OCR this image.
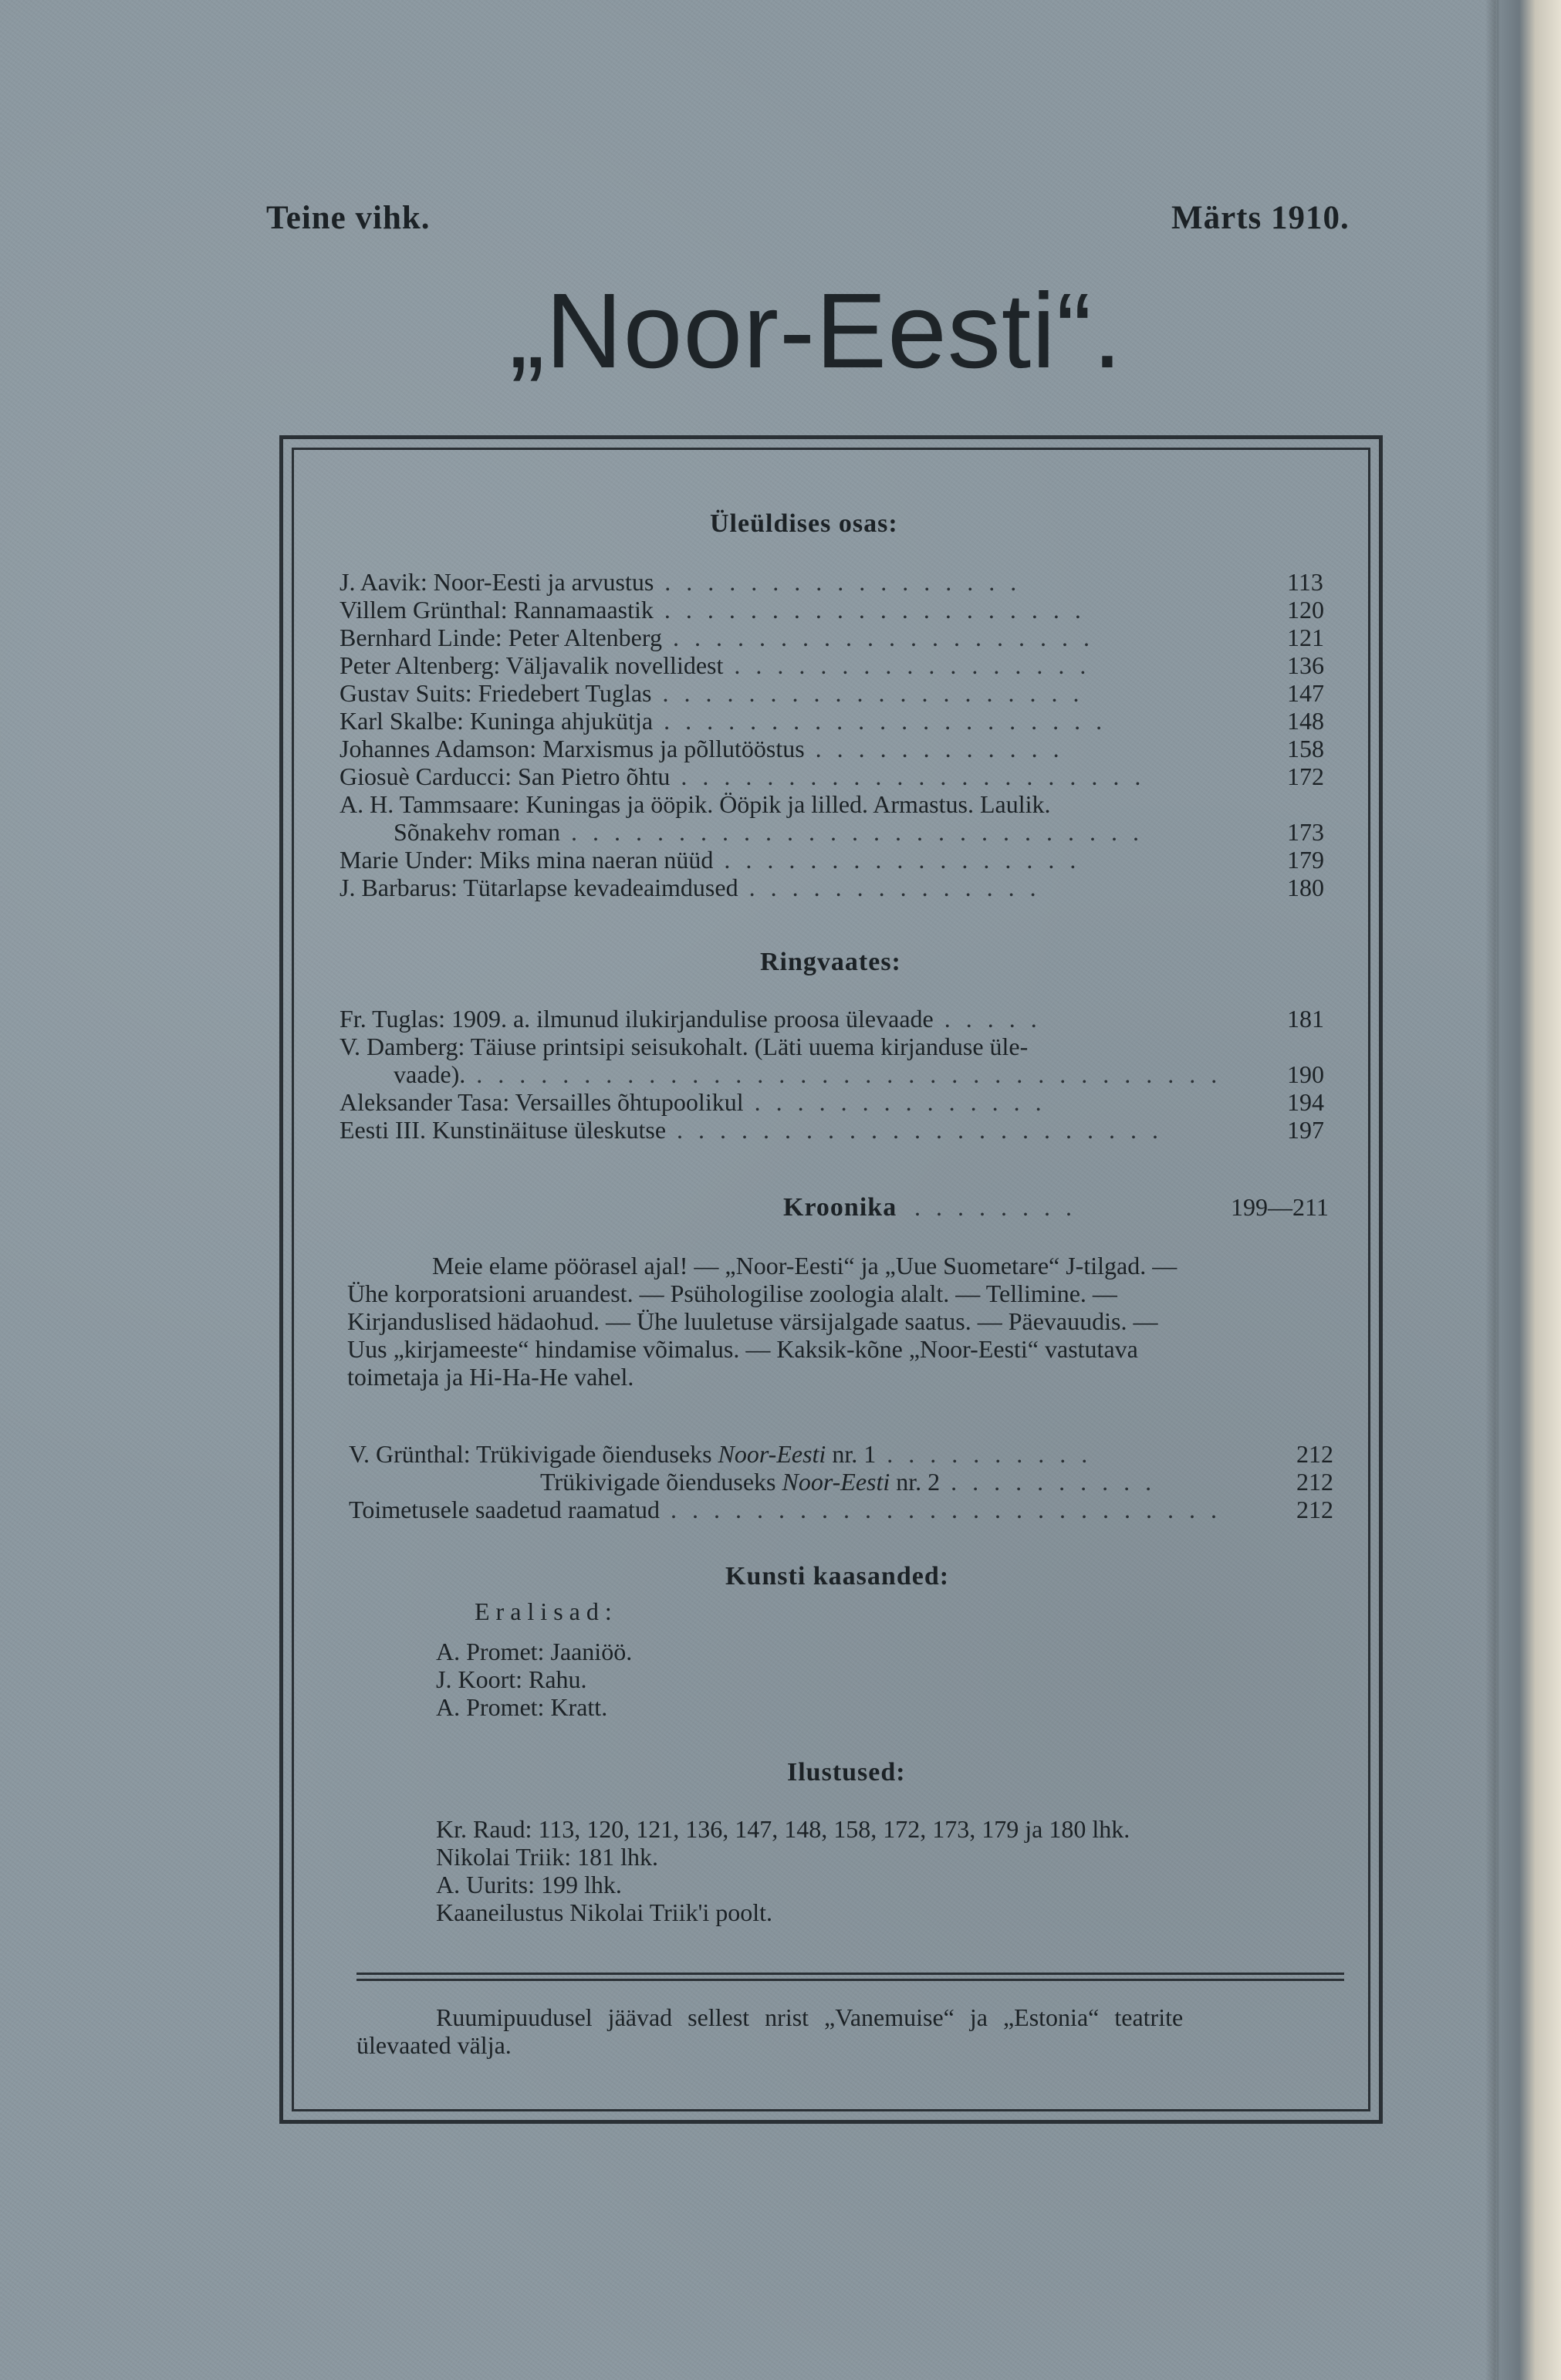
Teine vihk.	Märts 1910.
„Noor-Eesti“.
Üleüldises osas:
J. Aavik: Noor-Eesti ja arvustus . . . . . . . . . . . . . . . . .	113
Villem Grünthal: Rannamaastik . . . . . . . . . . . . . . . . . . . .	120
Bernhard Linde: Peter Altenberg . . . . . . . . . . . . . . . . . . . .	121
Peter Altenberg: Väljavalik novellidest . . . . . . . . . . . . . . . . .	136
Gustav Suits: Friedebert Tuglas . . . . . . . . . . . . . . . . . . . .	147
Karl Skalbe: Kuninga ahjukütja . . . . . . . . . . . . . . . . . . . . .	148
Johannes Adamson: Marxismus ja põllutööstus . . . . . . . . . . . .	158
Giosuè Carducci: San Pietro õhtu . . . . . . . . . . . . . . . . . . . . . .	172
A. H. Tammsaare: Kuningas ja ööpik. Ööpik ja lilled. Armastus. Laulik.
Sõnakehv roman . . . . . . . . . . . . . . . . . . . . . . . . . . .	173
Marie Under: Miks mina naeran nüüd . . . . . . . . . . . . . . . . .	179
J. Barbarus: Tütarlapse kevadeaimdused . . . . . . . . . . . . . .	180
Ringvaates:
Fr. Tuglas: 1909. a. ilmunud ilukirjandulise proosa ülevaade . . . . .	181
V. Damberg: Täiuse printsipi seisukohalt. (Läti uuema kirjanduse üle-
vaade). . . . . . . . . . . . . . . . . . . . . . . . . . . . . . . . . . . .	190
Aleksander Tasa: Versailles õhtupoolikul . . . . . . . . . . . . . .	194
Eesti III. Kunstinäituse üleskutse . . . . . . . . . . . . . . . . . . . . . . .	197
Kroonika . . . . . . . .	199—211
Meie elame pöörasel ajal! — „Noor-Eesti“ ja „Uue Suometare“ J-tilgad. —
Ühe korporatsioni aruandest. — Psühologilise zoologia alalt. — Tellimine. —
Kirjanduslised hädaohud. — Ühe luuletuse värsijalgade saatus. — Päevauudis. —
Uus „kirjameeste“ hindamise võimalus. — Kaksik-kõne „Noor-Eesti“ vastutava
toimetaja ja Hi-Ha-He vahel.
V. Grünthal: Trükivigade õienduseks Noor-Eesti nr. 1 . . . . . . . . . .	212
Trükivigade õienduseks Noor-Eesti nr. 2 . . . . . . . . . .	212
Toimetusele saadetud raamatud . . . . . . . . . . . . . . . . . . . . . . . . . .	212
Kunsti kaasanded:
Eralisad:
A. Promet: Jaaniöö.
J. Koort: Rahu.
A. Promet: Kratt.
Ilustused:
Kr. Raud: 113, 120, 121, 136, 147, 148, 158, 172, 173, 179 ja 180 lhk.
Nikolai Triik: 181 lhk.
A. Uurits: 199 lhk.
Kaaneilustus Nikolai Triik'i poolt.
Ruumipuudusel jäävad sellest nrist „Vanemuise“ ja „Estonia“ teatrite
ülevaated välja.
